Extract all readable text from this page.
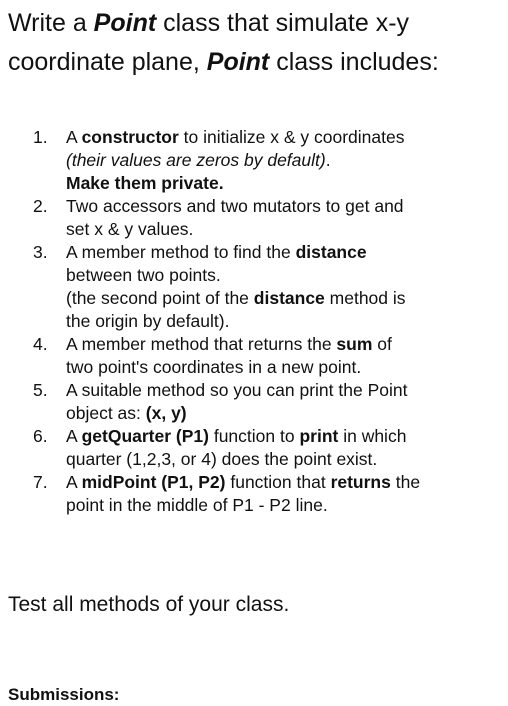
Write a Point class that simulate x-y coordinate plane, Point class includes:
1. A constructor to initialize x & y coordinates
(their values are zeros by default).
Make them private.
2. Two accessors and two mutators to get and
set x & y values.
3. A member method to find the distance
between two points.
(the second point of the distance method is
the origin by default).
4. A member method that returns the sum of
two point's coordinates in a new point.
5. A suitable method so you can print the Point
object as: (x, y)
6. A getQuarter (P1) function to print in which
quarter (1,2,3, or 4) does the point exist.
7. A midPoint (P1, P2) function that returns the
point in the middle of P1 - P2 line.

Test all methods of your class.

Submissions:
